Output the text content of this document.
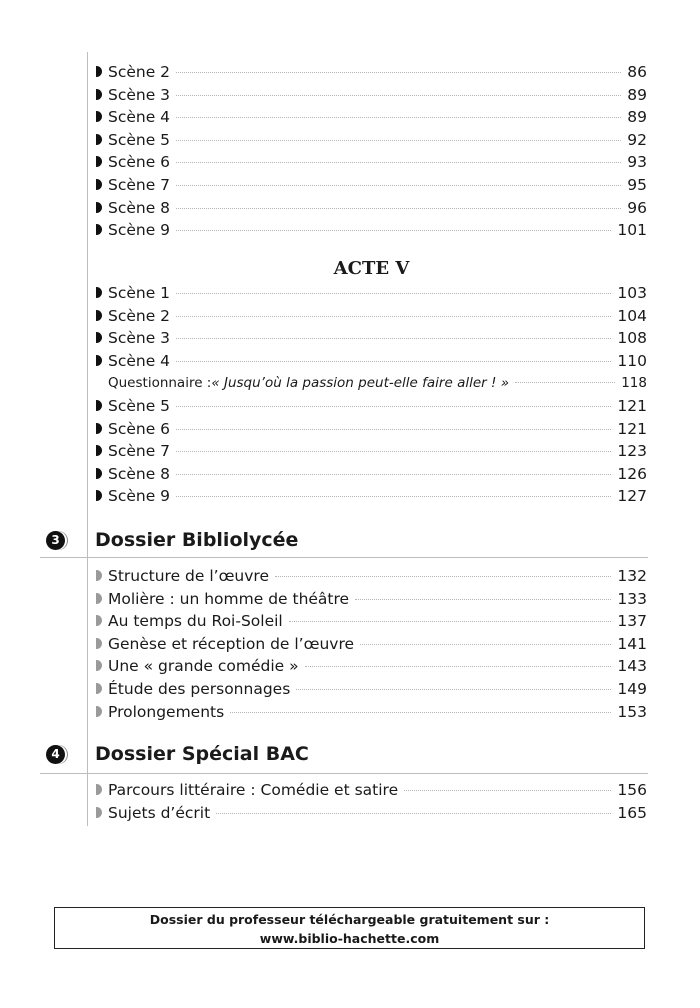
Scène 2	86
Scène 3	89
Scène 4	89
Scène 5	92
Scène 6	93
Scène 7	95
Scène 8	96
Scène 9	101
ACTE V
Scène 1	103
Scène 2	104
Scène 3	108
Scène 4	110
Questionnaire : « Jusqu’où la passion peut-elle faire aller ! »	118
Scène 5	121
Scène 6	121
Scène 7	123
Scène 8	126
Scène 9	127
3 Dossier Bibliolycée
Structure de l’œuvre	132
Molière : un homme de théâtre	133
Au temps du Roi-Soleil	137
Genèse et réception de l’œuvre	141
Une « grande comédie »	143
Étude des personnages	149
Prolongements	153
4 Dossier Spécial BAC
Parcours littéraire : Comédie et satire	156
Sujets d’écrit	165
Dossier du professeur téléchargeable gratuitement sur :
www.biblio-hachette.com
